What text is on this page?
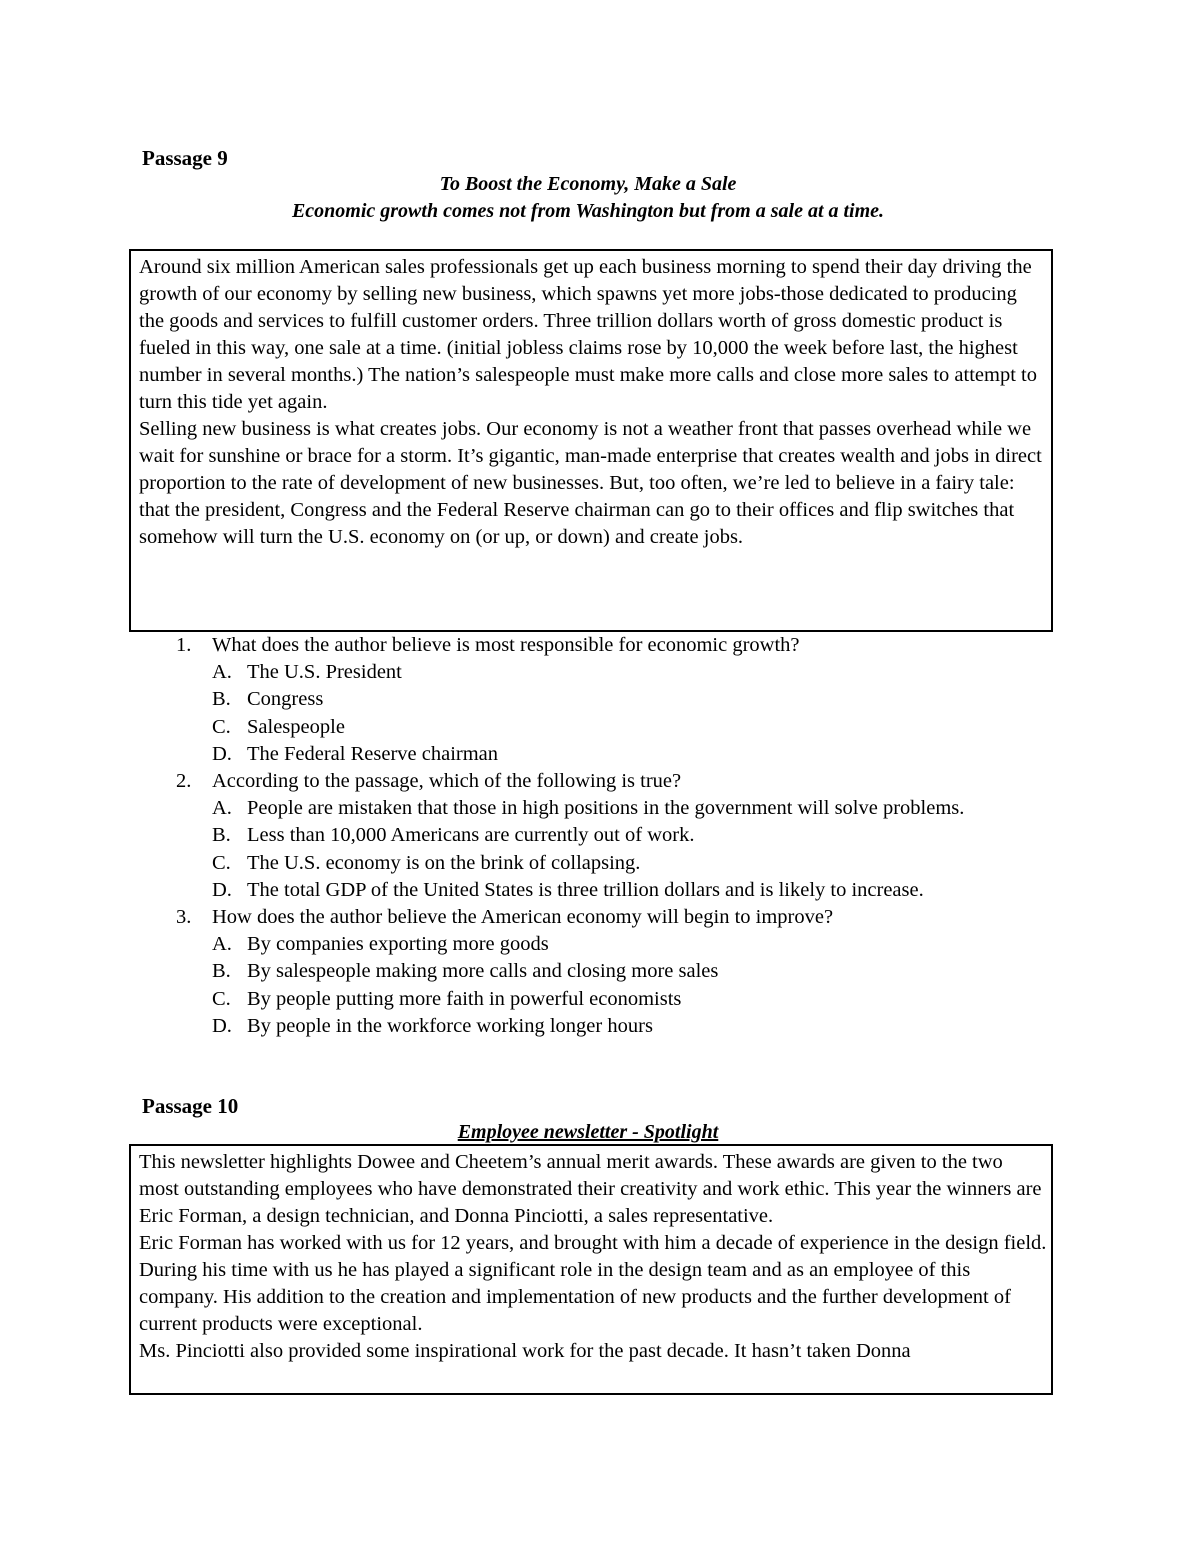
Passage 9
To Boost the Economy, Make a Sale
Economic growth comes not from Washington but from a sale at a time.

Around six million American sales professionals get up each business morning to spend their day driving the growth of our economy by selling new business, which spawns yet more jobs-those dedicated to producing the goods and services to fulfill customer orders. Three trillion dollars worth of gross domestic product is fueled in this way, one sale at a time. (initial jobless claims rose by 10,000 the week before last, the highest number in several months.) The nation’s salespeople must make more calls and close more sales to attempt to turn this tide yet again.

Selling new business is what creates jobs. Our economy is not a weather front that passes overhead while we wait for sunshine or brace for a storm. It’s gigantic, man-made enterprise that creates wealth and jobs in direct proportion to the rate of development of new businesses. But, too often, we’re led to believe in a fairy tale: that the president, Congress and the Federal Reserve chairman can go to their offices and flip switches that somehow will turn the U.S. economy on (or up, or down) and create jobs.

1. What does the author believe is most responsible for economic growth?
A. The U.S. President
B. Congress
C. Salespeople
D. The Federal Reserve chairman
2. According to the passage, which of the following is true?
A. People are mistaken that those in high positions in the government will solve problems.
B. Less than 10,000 Americans are currently out of work.
C. The U.S. economy is on the brink of collapsing.
D. The total GDP of the United States is three trillion dollars and is likely to increase.
3. How does the author believe the American economy will begin to improve?
A. By companies exporting more goods
B. By salespeople making more calls and closing more sales
C. By people putting more faith in powerful economists
D. By people in the workforce working longer hours
Passage 10
Employee newsletter - Spotlight

This newsletter highlights Dowee and Cheetem’s annual merit awards. These awards are given to the two most outstanding employees who have demonstrated their creativity and work ethic. This year the winners are Eric Forman, a design technician, and Donna Pinciotti, a sales representative.

Eric Forman has worked with us for 12 years, and brought with him a decade of experience in the design field. During his time with us he has played a significant role in the design team and as an employee of this company. His addition to the creation and implementation of new products and the further development of current products were exceptional.

Ms. Pinciotti also provided some inspirational work for the past decade. It hasn’t taken Donna
